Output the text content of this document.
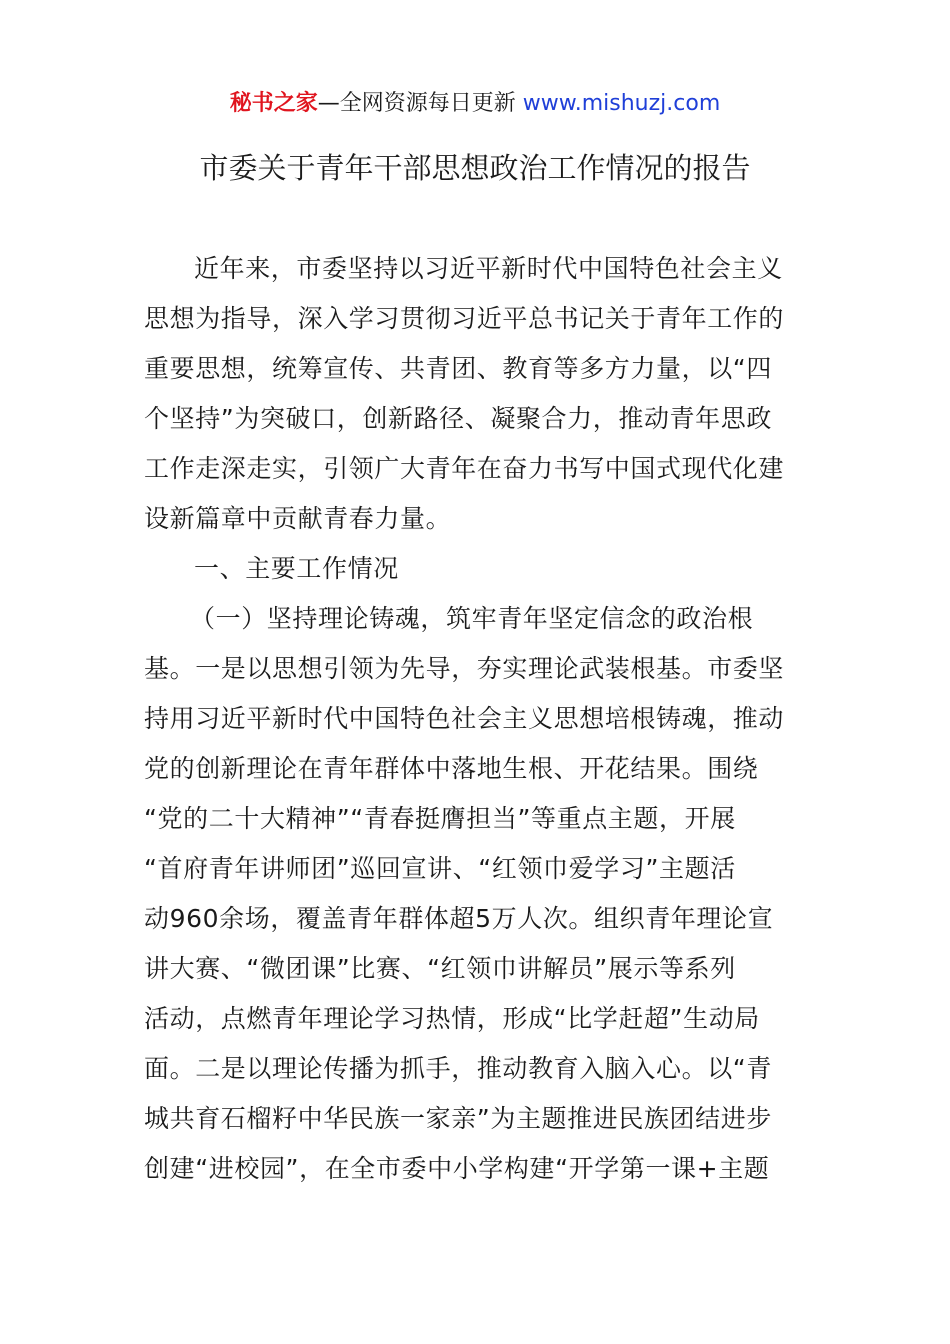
秘书之家—全网资源每日更新 www.mishuzj.com
市委关于青年干部思想政治工作情况的报告
近年来，市委坚持以习近平新时代中国特色社会主义
思想为指导，深入学习贯彻习近平总书记关于青年工作的
重要思想，统筹宣传、共青团、教育等多方力量，以“四
个坚持”为突破口，创新路径、凝聚合力，推动青年思政
工作走深走实，引领广大青年在奋力书写中国式现代化建
设新篇章中贡献青春力量。
一、主要工作情况
（一）坚持理论铸魂，筑牢青年坚定信念的政治根
基。一是以思想引领为先导，夯实理论武装根基。市委坚
持用习近平新时代中国特色社会主义思想培根铸魂，推动
党的创新理论在青年群体中落地生根、开花结果。围绕
“党的二十大精神”“青春挺膺担当”等重点主题，开展
“首府青年讲师团”巡回宣讲、“红领巾爱学习”主题活
动960余场，覆盖青年群体超5万人次。组织青年理论宣
讲大赛、“微团课”比赛、“红领巾讲解员”展示等系列
活动，点燃青年理论学习热情，形成“比学赶超”生动局
面。二是以理论传播为抓手，推动教育入脑入心。以“青
城共育石榴籽中华民族一家亲”为主题推进民族团结进步
创建“进校园”，在全市委中小学构建“开学第一课+主题
